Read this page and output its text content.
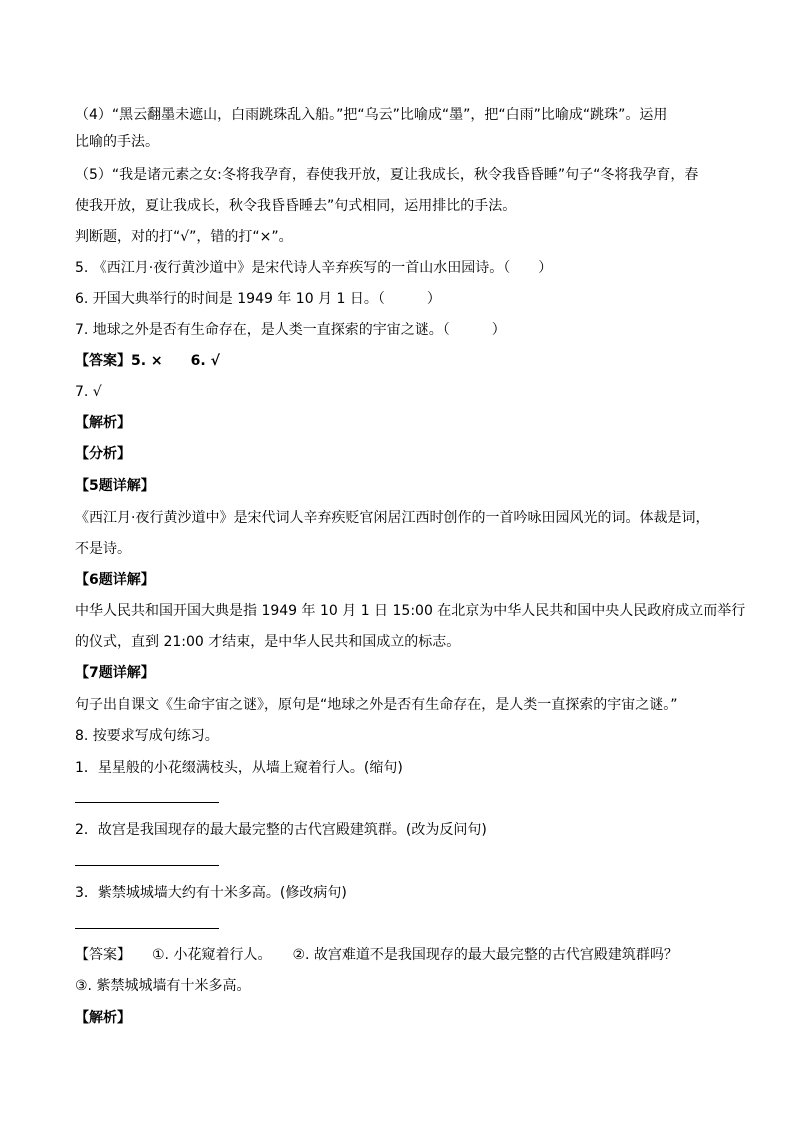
（4）“黑云翻墨未遮山，白雨跳珠乱入船。”把“乌云”比喻成“墨”，把“白雨”比喻成“跳珠”。运用
比喻的手法。
（5）“我是诸元素之女:冬将我孕育，春使我开放，夏让我成长，秋令我昏昏睡”句子“冬将我孕育，春
使我开放，夏让我成长，秋令我昏昏睡去”句式相同，运用排比的手法。
判断题，对的打“√”，错的打“×”。
5. 《西江月·夜行黄沙道中》是宋代诗人辛弃疾写的一首山水田园诗。（　　）
6. 开国大典举行的时间是 1949 年 10 月 1 日。（　　　）
7. 地球之外是否有生命存在，是人类一直探索的宇宙之谜。（　　　）
【答案】5. ×　　6. √
7. √
【解析】
【分析】
【5题详解】
《西江月·夜行黄沙道中》是宋代词人辛弃疾贬官闲居江西时创作的一首吟咏田园风光的词。体裁是词，
不是诗。
【6题详解】
中华人民共和国开国大典是指 1949 年 10 月 1 日 15:00 在北京为中华人民共和国中央人民政府成立而举行
的仪式，直到 21:00 才结束，是中华人民共和国成立的标志。
【7题详解】
句子出自课文《生命宇宙之谜》，原句是“地球之外是否有生命存在，是人类一直探索的宇宙之谜。”
8. 按要求写成句练习。
1．星星般的小花缀满枝头，从墙上窥着行人。(缩句)
2．故宫是我国现存的最大最完整的古代宫殿建筑群。(改为反问句)
3．紫禁城城墙大约有十米多高。(修改病句)
【答案】　　①. 小花窥着行人。　　②. 故宫难道不是我国现存的最大最完整的古代宫殿建筑群吗？
③. 紫禁城城墙有十米多高。
【解析】
